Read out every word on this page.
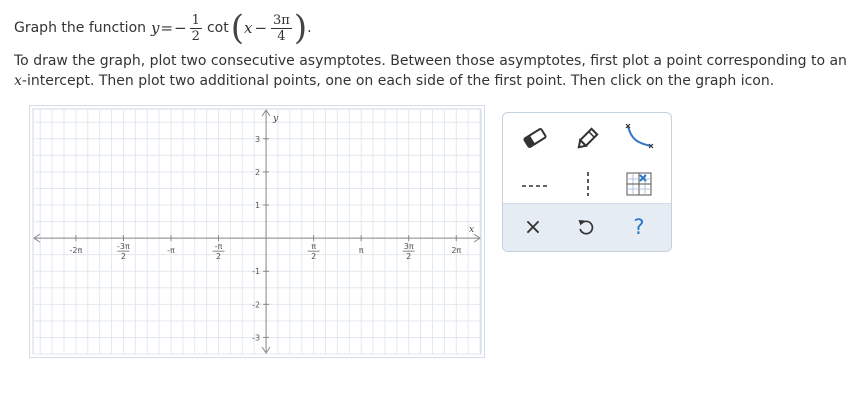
Graph the function y = − $\frac{1}{2}$ cot ( $x - \frac{3\pi}{4}$ ) .
To draw the graph, plot two consecutive asymptotes. Between those asymptotes, first plot a point corresponding to an
x-intercept. Then plot two additional points, one on each side of the first point. Then click on the graph icon.
x
y
-2π	-3π
2
-π	-π
2
π
2
π	3π
2
2π
3
2
1
-1
-2
-3
×	?
